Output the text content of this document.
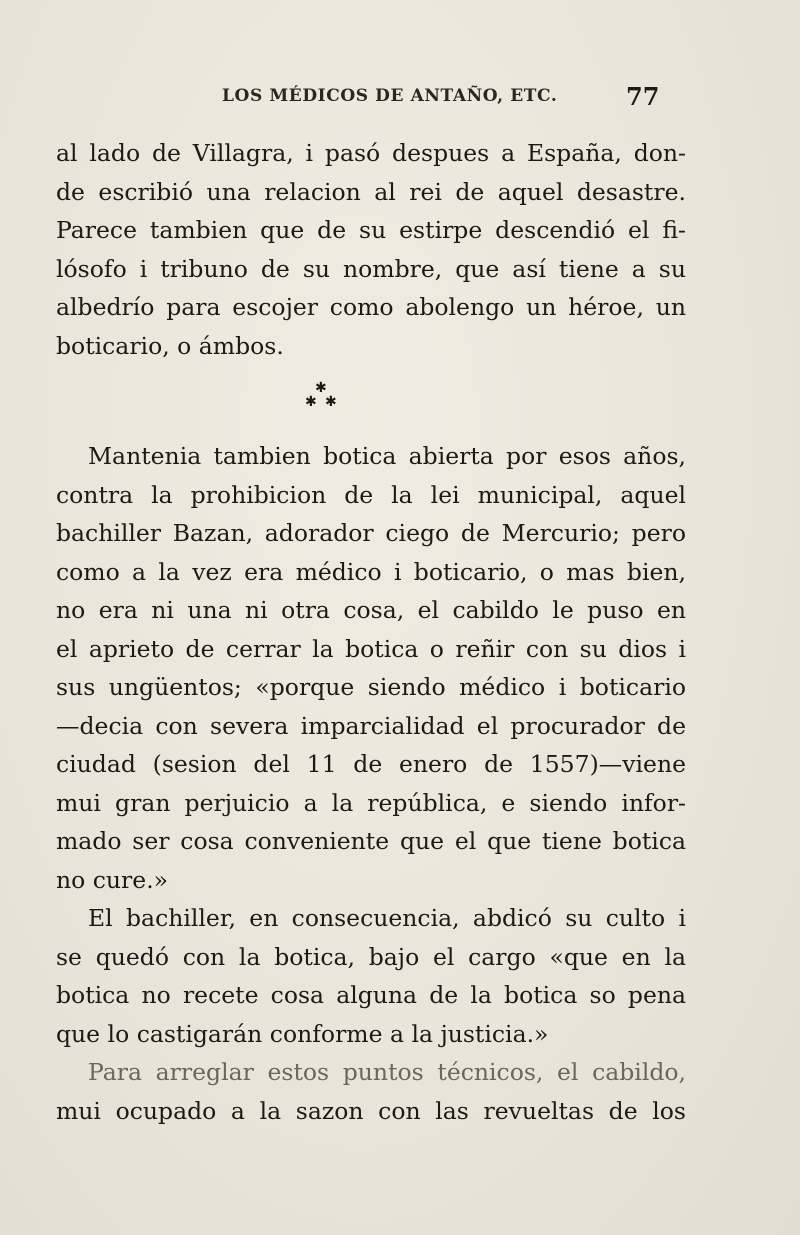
LOS MÉDICOS DE ANTAÑO, ETC.	77
al lado de Villagra, i pasó despues a España, don-
de escribió una relacion al rei de aquel desastre.
Parece tambien que de su estirpe descendió el fi-
lósofo i tribuno de su nombre, que así tiene a su
albedrío para escojer como abolengo un héroe, un
boticario, o ámbos.
✱
✱ ✱
Mantenia tambien botica abierta por esos años,
contra la prohibicion de la lei municipal, aquel
bachiller Bazan, adorador ciego de Mercurio; pero
como a la vez era médico i boticario, o mas bien,
no era ni una ni otra cosa, el cabildo le puso en
el aprieto de cerrar la botica o reñir con su dios i
sus ungüentos; «porque siendo médico i boticario
—decia con severa imparcialidad el procurador de
ciudad (sesion del 11 de enero de 1557)—viene
mui gran perjuicio a la república, e siendo infor-
mado ser cosa conveniente que el que tiene botica
no cure.»
El bachiller, en consecuencia, abdicó su culto i
se quedó con la botica, bajo el cargo «que en la
botica no recete cosa alguna de la botica so pena
que lo castigarán conforme a la justicia.»
Para arreglar estos puntos técnicos, el cabildo,
mui ocupado a la sazon con las revueltas de los
